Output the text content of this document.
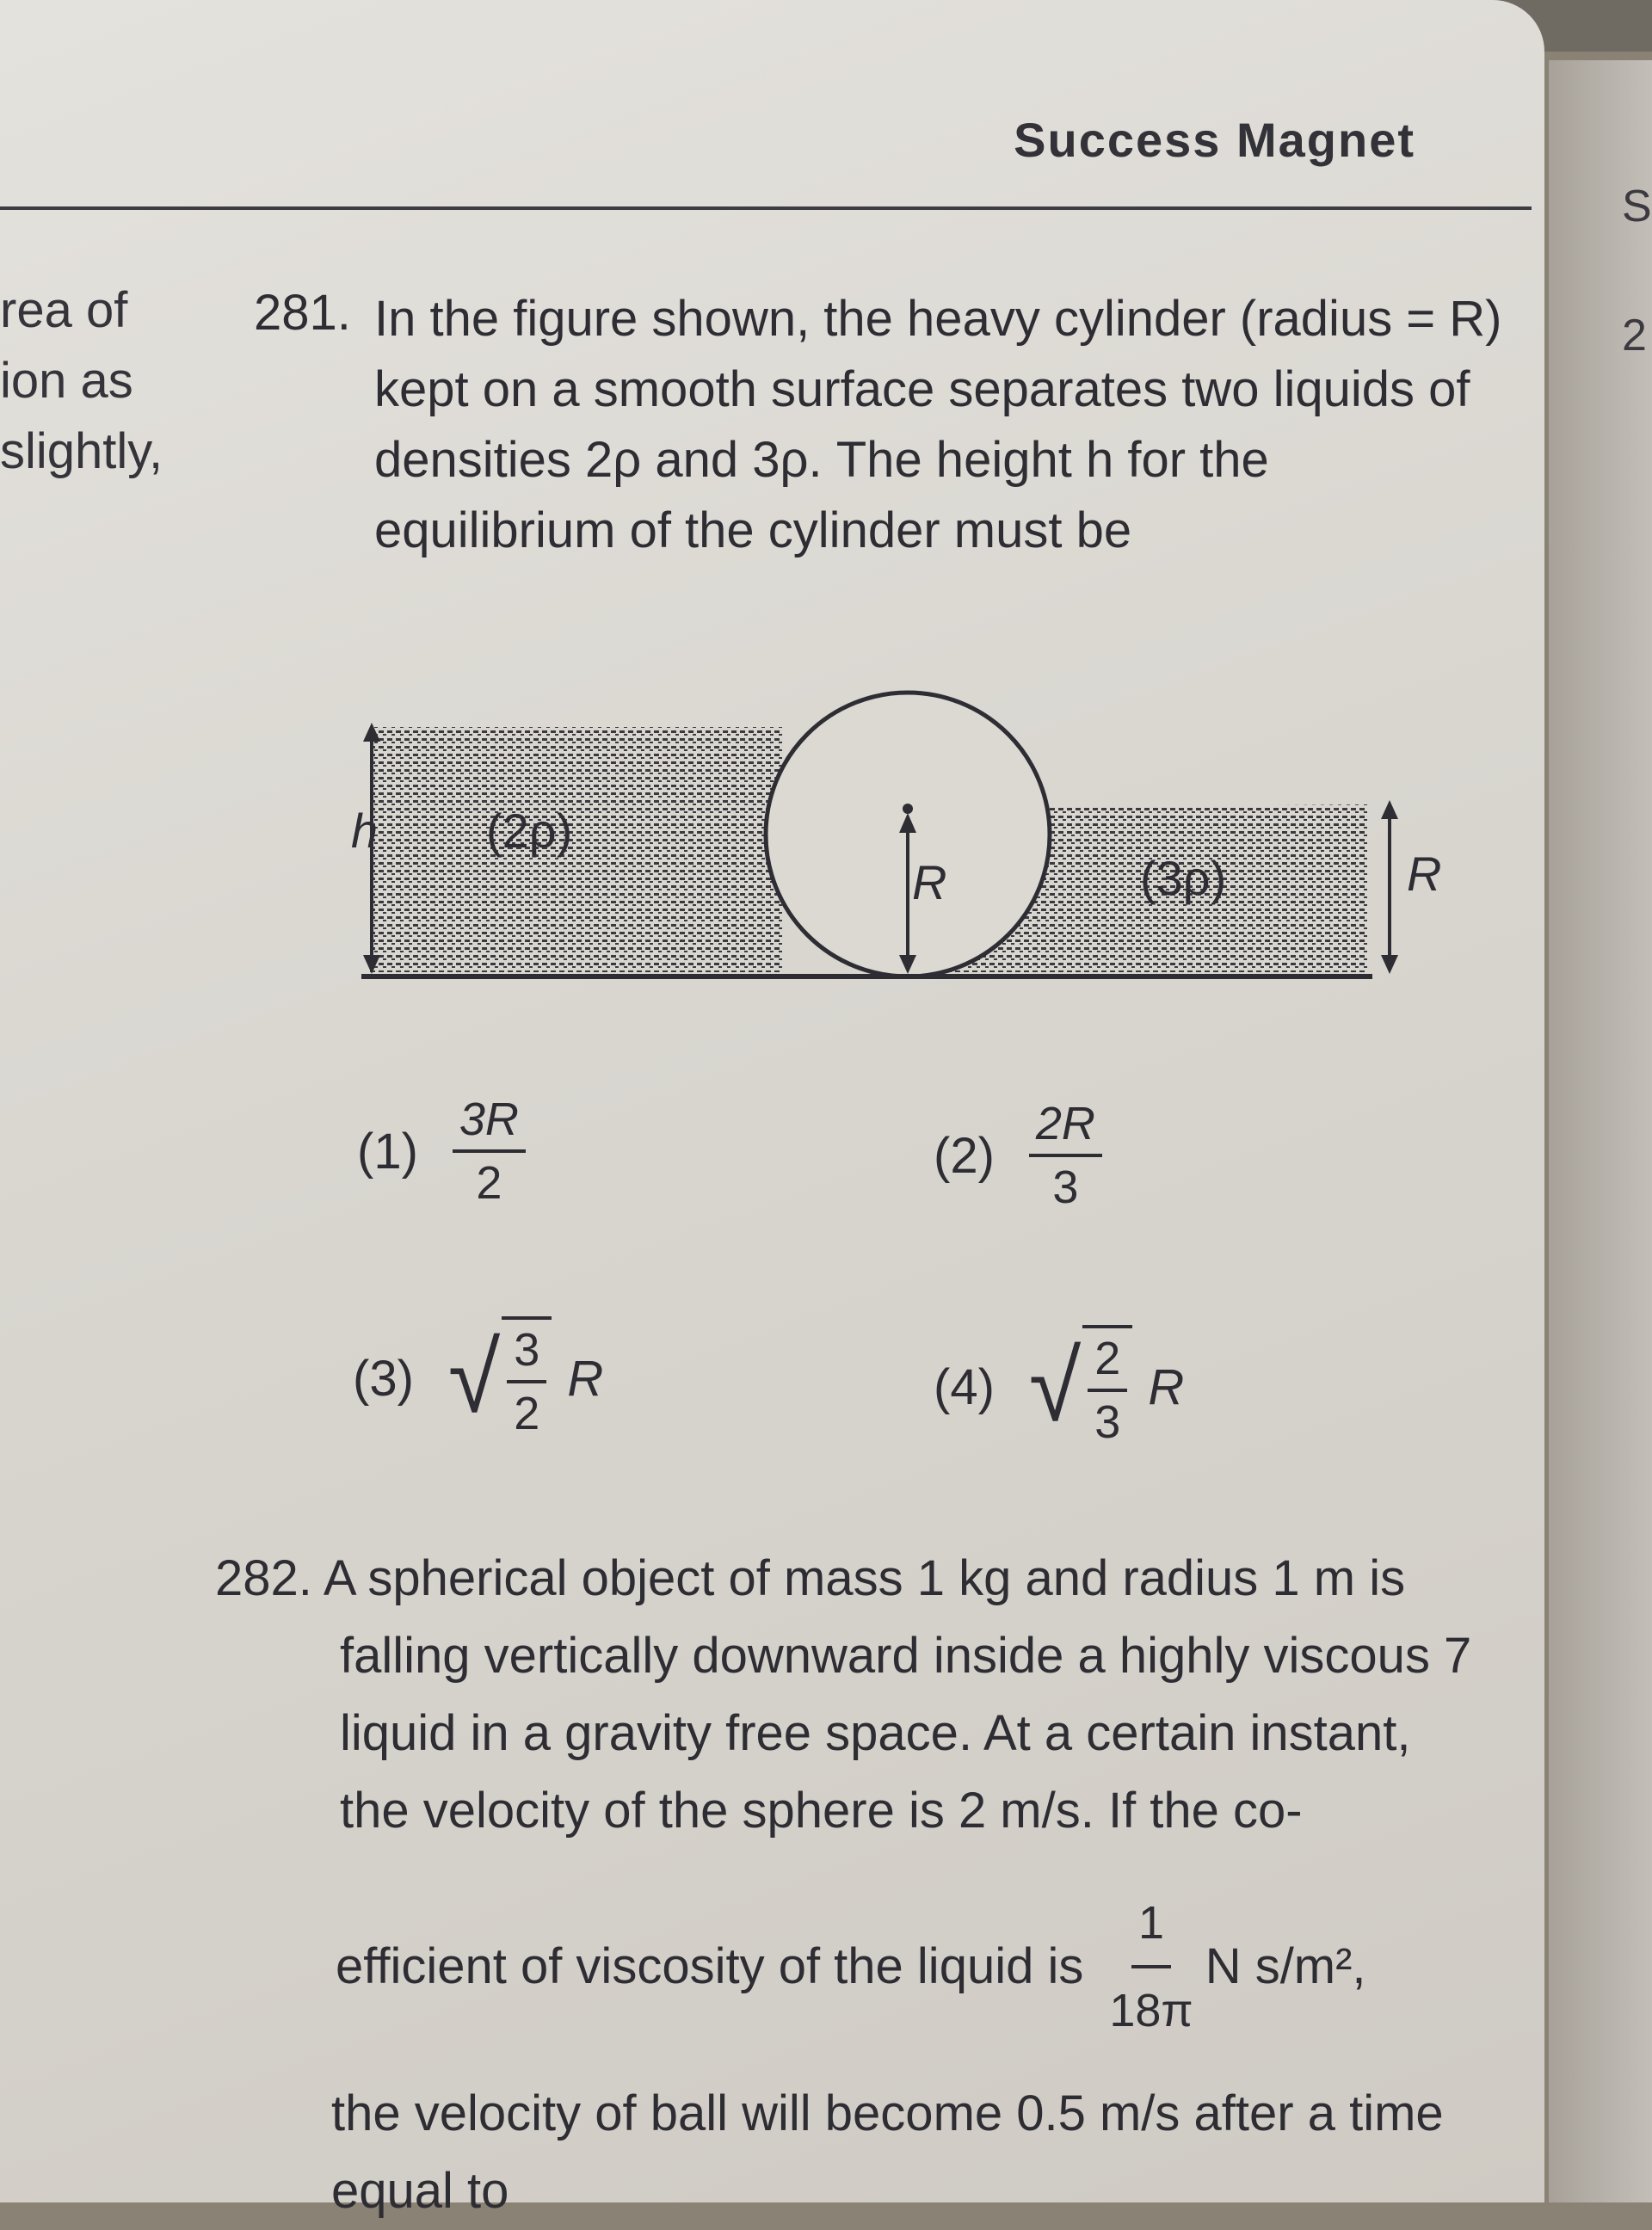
S
2
Success Magnet
rea of
ion as
slightly,
281. In the figure shown, the heavy cylinder (radius = R)
kept on a smooth surface separates two liquids of
densities 2ρ and 3ρ. The height h for the
equilibrium of the cylinder must be
h (2ρ)
R	(3ρ)	R
$(1) \frac{3R}{2}$	$(2) \frac{2R}{3}$
(3) √ $\frac{3}{2}$ R	(4) √ $\frac{2}{3}$ R
282. A spherical object of mass 1 kg and radius 1 m is
falling vertically downward inside a highly viscous 7
liquid in a gravity free space. At a certain instant,
the velocity of the sphere is 2 m/s. If the co-
efficient of viscosity of the liquid is $\frac{1}{18\pi}$ N s/m²,
the velocity of ball will become 0.5 m/s after a time
equal to
